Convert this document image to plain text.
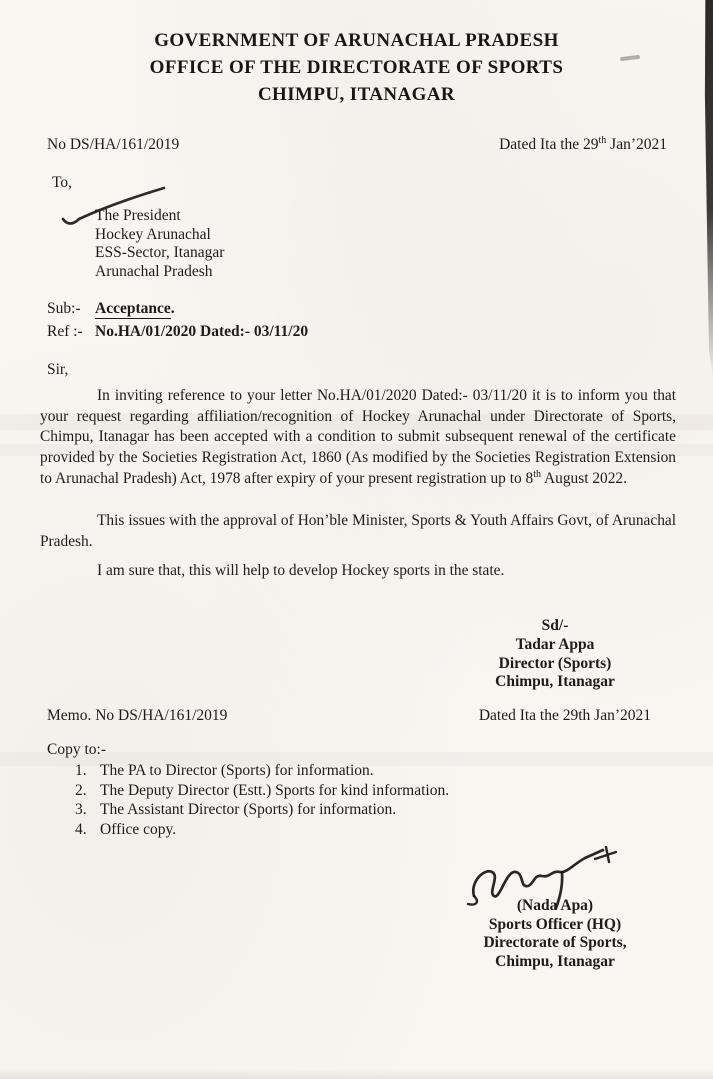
GOVERNMENT OF ARUNACHAL PRADESH
OFFICE OF THE DIRECTORATE OF SPORTS
CHIMPU, ITANAGAR
No DS/HA/161/2019	Dated Ita the 29th Jan’2021
To,
The President
Hockey Arunachal
ESS-Sector, Itanagar
Arunachal Pradesh
Sub:- Acceptance.
Ref :- No.HA/01/2020 Dated:- 03/11/20
Sir,

In inviting reference to your letter No.HA/01/2020 Dated:- 03/11/20 it is to inform you that your request regarding affiliation/recognition of Hockey Arunachal under Directorate of Sports, Chimpu, Itanagar has been accepted with a condition to submit subsequent renewal of the certificate provided by the Societies Registration Act, 1860 (As modified by the Societies Registration Extension to Arunachal Pradesh) Act, 1978 after expiry of your present registration up to 8th August 2022.

This issues with the approval of Hon’ble Minister, Sports & Youth Affairs Govt, of Arunachal Pradesh.

I am sure that, this will help to develop Hockey sports in the state.

Sd/-
Tadar Appa
Director (Sports)
Chimpu, Itanagar
Memo. No DS/HA/161/2019	Dated Ita the 29th Jan’2021
Copy to:-
1. The PA to Director (Sports) for information.
2. The Deputy Director (Estt.) Sports for kind information.
3. The Assistant Director (Sports) for information.
4. Office copy.
(Nada Apa)
Sports Officer (HQ)
Directorate of Sports,
Chimpu, Itanagar
